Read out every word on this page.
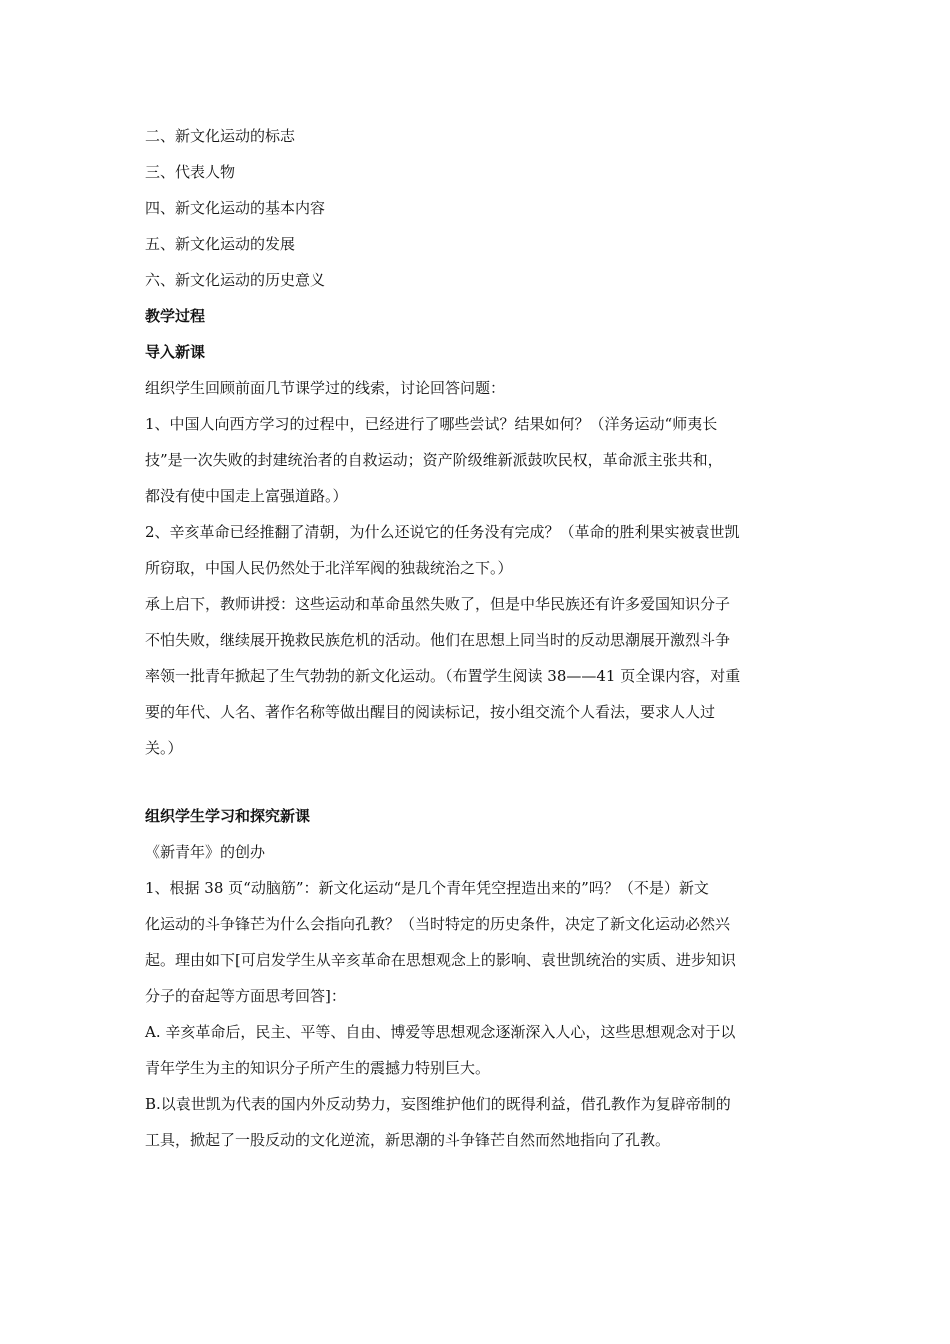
二、新文化运动的标志
三、代表人物
四、新文化运动的基本内容
五、新文化运动的发展
六、新文化运动的历史意义
教学过程
导入新课
组织学生回顾前面几节课学过的线索，讨论回答问题：
1、中国人向西方学习的过程中，已经进行了哪些尝试？结果如何？（洋务运动“师夷长
技”是一次失败的封建统治者的自救运动；资产阶级维新派鼓吹民权，革命派主张共和，
都没有使中国走上富强道路。）
2、辛亥革命已经推翻了清朝，为什么还说它的任务没有完成？（革命的胜利果实被袁世凯
所窃取，中国人民仍然处于北洋军阀的独裁统治之下。）
承上启下，教师讲授：这些运动和革命虽然失败了，但是中华民族还有许多爱国知识分子
不怕失败，继续展开挽救民族危机的活动。他们在思想上同当时的反动思潮展开激烈斗争
率领一批青年掀起了生气勃勃的新文化运动。（布置学生阅读 38——41 页全课内容，对重
要的年代、人名、著作名称等做出醒目的阅读标记，按小组交流个人看法，要求人人过
关。）
组织学生学习和探究新课
《新青年》的创办
1、根据 38 页“动脑筋”：新文化运动“是几个青年凭空捏造出来的”吗？（不是）新文
化运动的斗争锋芒为什么会指向孔教？（当时特定的历史条件，决定了新文化运动必然兴
起。理由如下[可启发学生从辛亥革命在思想观念上的影响、袁世凯统治的实质、进步知识
分子的奋起等方面思考回答]：
A. 辛亥革命后，民主、平等、自由、博爱等思想观念逐渐深入人心，这些思想观念对于以
青年学生为主的知识分子所产生的震撼力特别巨大。
B.以袁世凯为代表的国内外反动势力，妄图维护他们的既得利益，借孔教作为复辟帝制的
工具，掀起了一股反动的文化逆流，新思潮的斗争锋芒自然而然地指向了孔教。
